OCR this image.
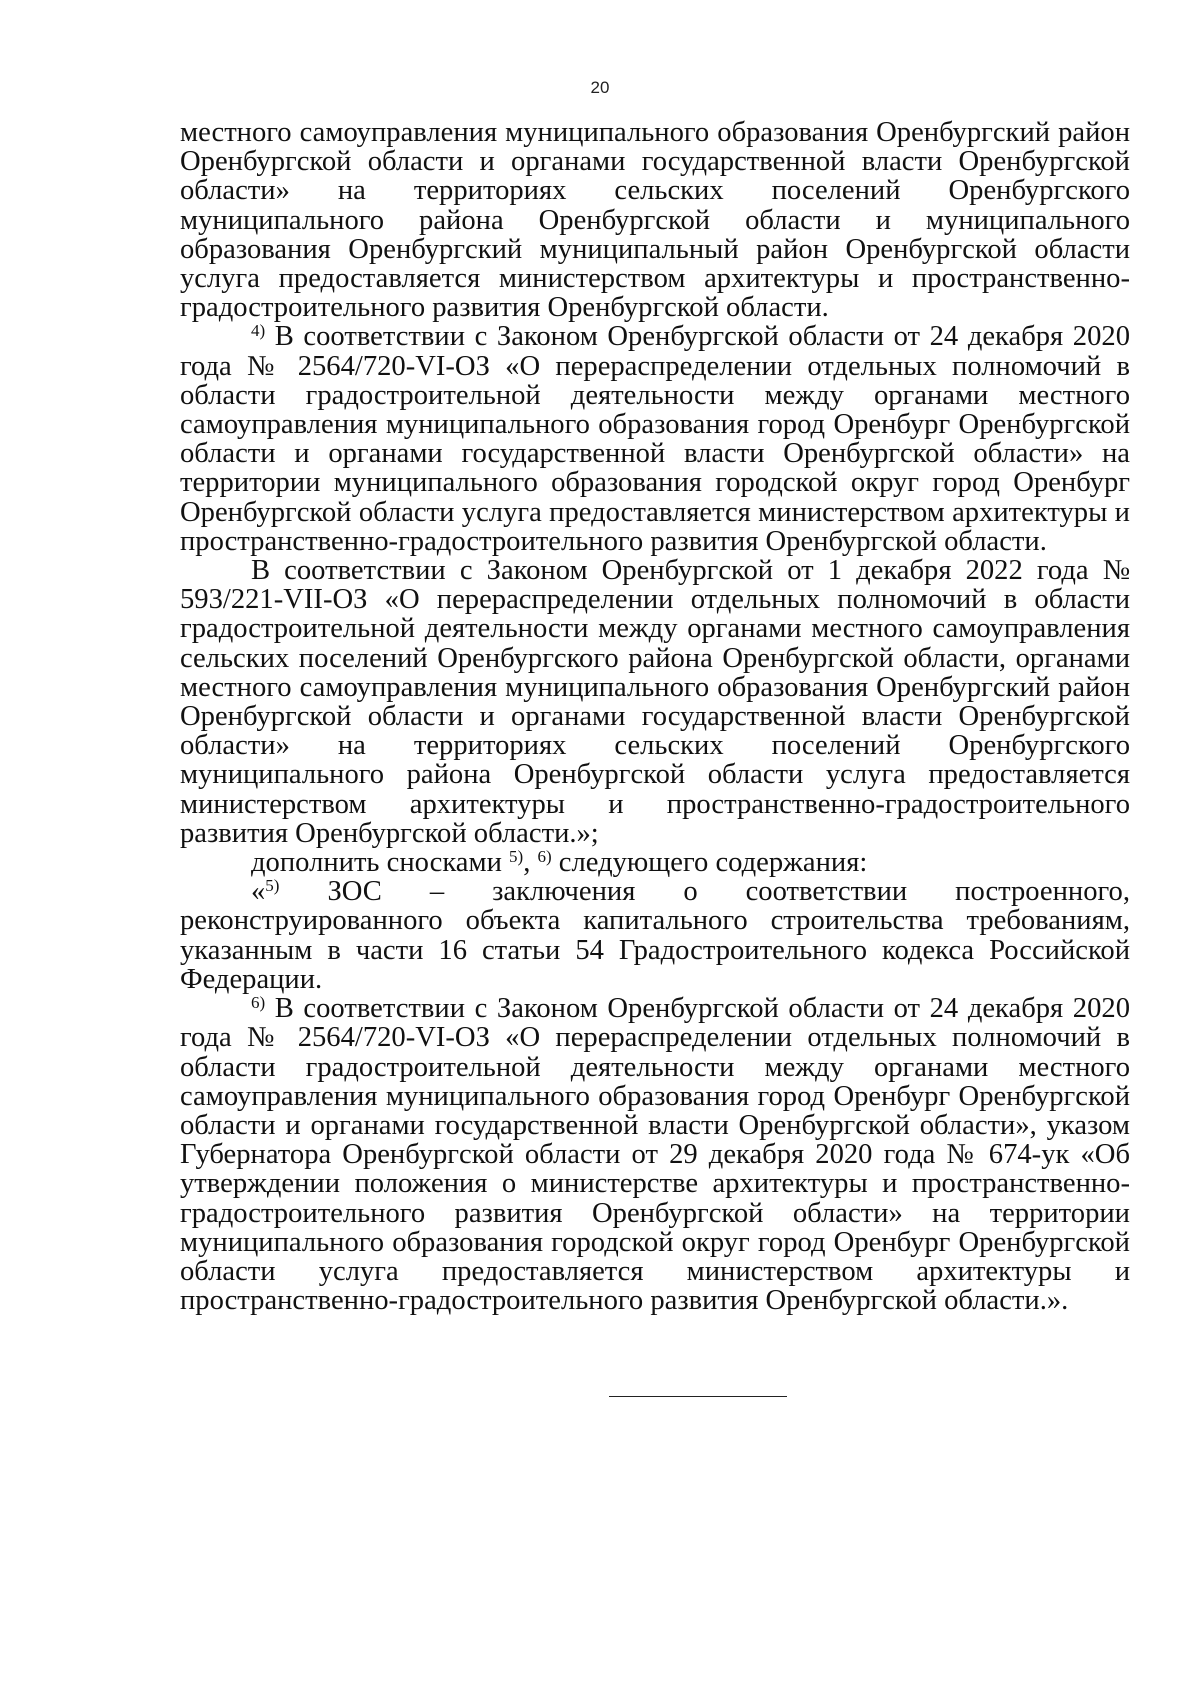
20

местного самоуправления муниципального образования Оренбургский район Оренбургской области и органами государственной власти Оренбургской области» на территориях сельских поселений Оренбургского муниципального района Оренбургской области и муниципального образования Оренбургский муниципальный район Оренбургской области услуга предоставляется министерством архитектуры и пространственно-градостроительного развития Оренбургской области.

$^{4)}$ В соответствии с Законом Оренбургской области от 24 декабря 2020 года № 2564/720-VI-ОЗ «О перераспределении отдельных полномочий в области градостроительной деятельности между органами местного самоуправления муниципального образования город Оренбург Оренбургской области и органами государственной власти Оренбургской области» на территории муниципального образования городской округ город Оренбург Оренбургской области услуга предоставляется министерством архитектуры и пространственно-градостроительного развития Оренбургской области.

В соответствии с Законом Оренбургской от 1 декабря 2022 года № 593/221-VII-ОЗ «О перераспределении отдельных полномочий в области градостроительной деятельности между органами местного самоуправления сельских поселений Оренбургского района Оренбургской области, органами местного самоуправления муниципального образования Оренбургский район Оренбургской области и органами государственной власти Оренбургской области» на территориях сельских поселений Оренбургского муниципального района Оренбургской области услуга предоставляется министерством архитектуры и пространственно-градостроительного развития Оренбургской области.»;

дополнить сносками $^{5)}$, $^{6)}$ следующего содержания:

«$^{5)}$ ЗОС – заключения о соответствии построенного, реконструированного объекта капитального строительства требованиям, указанным в части 16 статьи 54 Градостроительного кодекса Российской Федерации.

$^{6)}$ В соответствии с Законом Оренбургской области от 24 декабря 2020 года № 2564/720-VI-ОЗ «О перераспределении отдельных полномочий в области градостроительной деятельности между органами местного самоуправления муниципального образования город Оренбург Оренбургской области и органами государственной власти Оренбургской области», указом Губернатора Оренбургской области от 29 декабря 2020 года № 674-ук «Об утверждении положения о министерстве архитектуры и пространственно-градостроительного развития Оренбургской области» на территории муниципального образования городской округ город Оренбург Оренбургской области услуга предоставляется министерством архитектуры и пространственно-градостроительного развития Оренбургской области.».
